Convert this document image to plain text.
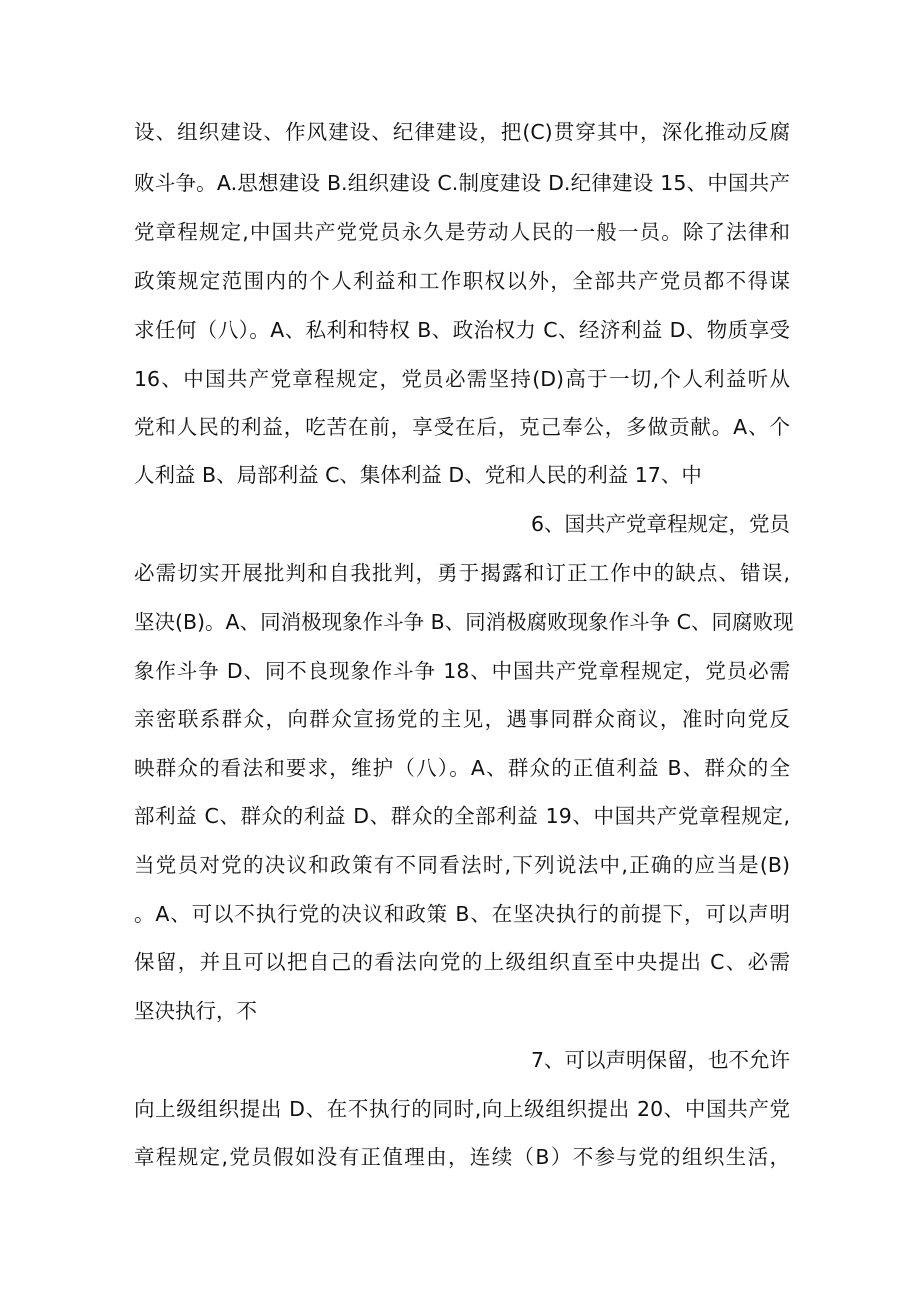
设、组织建设、作风建设、纪律建设，把(C)贯穿其中，深化推动反腐
败斗争。A.思想建设 B.组织建设 C.制度建设 D.纪律建设 15、中国共产
党章程规定,中国共产党党员永久是劳动人民的一般一员。除了法律和
政策规定范围内的个人利益和工作职权以外，全部共产党员都不得谋
求任何（八）。A、私利和特权 B、政治权力 C、经济利益 D、物质享受
16、中国共产党章程规定，党员必需坚持(D)高于一切,个人利益听从
党和人民的利益，吃苦在前，享受在后，克己奉公，多做贡献。A、个
人利益 B、局部利益 C、集体利益 D、党和人民的利益 17、中
6、国共产党章程规定，党员
必需切实开展批判和自我批判，勇于揭露和订正工作中的缺点、错误,
坚决(B)。A、同消极现象作斗争 B、同消极腐败现象作斗争 C、同腐败现
象作斗争 D、同不良现象作斗争 18、中国共产党章程规定，党员必需
亲密联系群众，向群众宣扬党的主见，遇事同群众商议，准时向党反
映群众的看法和要求，维护（八）。A、群众的正值利益 B、群众的全
部利益 C、群众的利益 D、群众的全部利益 19、中国共产党章程规定,
当党员对党的决议和政策有不同看法时,下列说法中,正确的应当是(B)
。A、可以不执行党的决议和政策 B、在坚决执行的前提下，可以声明
保留，并且可以把自己的看法向党的上级组织直至中央提出 C、必需
坚决执行，不
7、可以声明保留，也不允许
向上级组织提出 D、在不执行的同时,向上级组织提出 20、中国共产党
章程规定,党员假如没有正值理由，连续（B）不参与党的组织生活，
